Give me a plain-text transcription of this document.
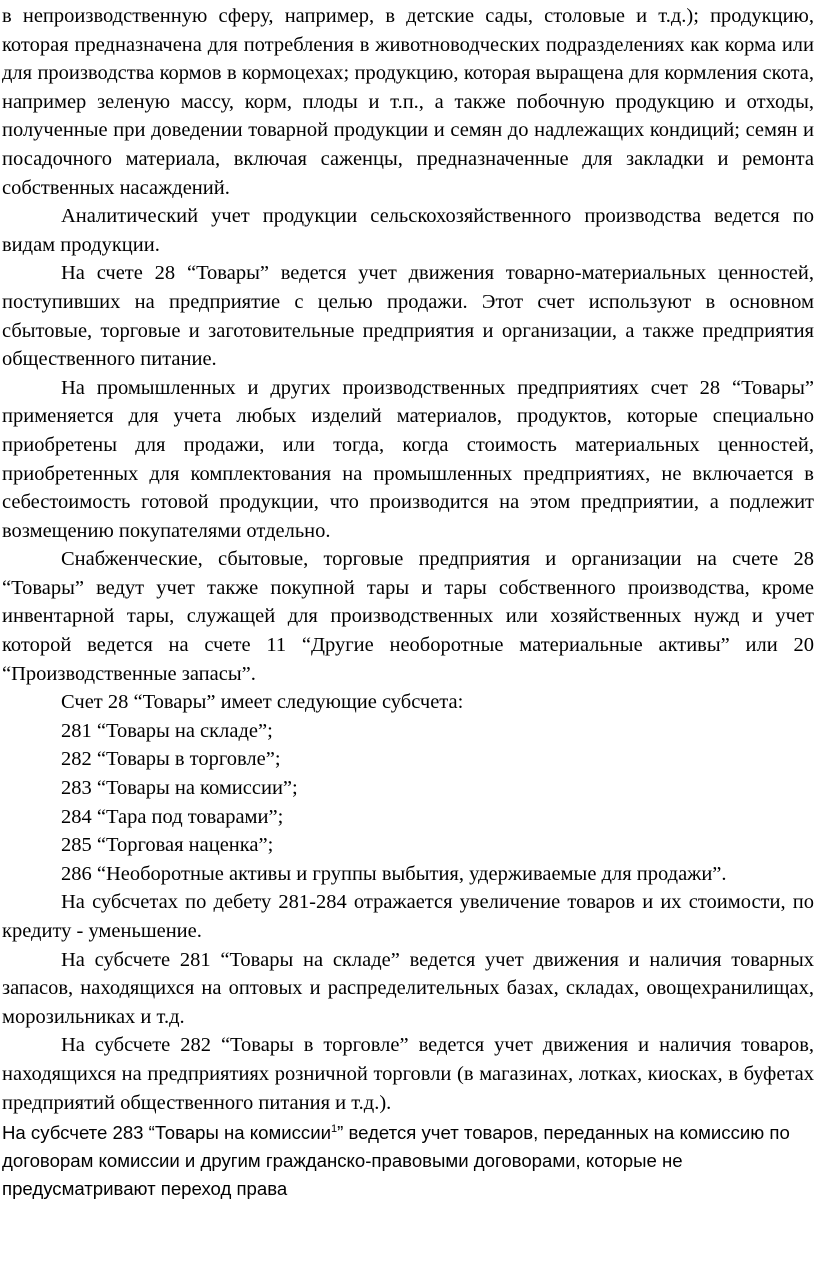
в непроизводственную сферу, например, в детские сады, столовые и т.д.); продукцию, которая предназначена для потребления в животноводческих подразделениях как корма или для производства кормов в кормоцехах; продукцию, которая выращена для кормления скота, например зеленую массу, корм, плоды и т.п., а также побочную продукцию и отходы, полученные при доведении товарной продукции и семян до надлежащих кондиций; семян и посадочного материала, включая саженцы, предназначенные для закладки и ремонта собственных насаждений.

Аналитический учет продукции сельскохозяйственного производства ведется по видам продукции.

На счете 28 “Товары” ведется учет движения товарно-материальных ценностей, поступивших на предприятие с целью продажи. Этот счет используют в основном сбытовые, торговые и заготовительные предприятия и организации, а также предприятия общественного питание.

На промышленных и других производственных предприятиях счет 28 “Товары” применяется для учета любых изделий материалов, продуктов, которые специально приобретены для продажи, или тогда, когда стоимость материальных ценностей, приобретенных для комплектования на промышленных предприятиях, не включается в себестоимость готовой продукции, что производится на этом предприятии, а подлежит возмещению покупателями отдельно.

Снабженческие, сбытовые, торговые предприятия и организации на счете 28 “Товары” ведут учет также покупной тары и тары собственного производства, кроме инвентарной тары, служащей для производственных или хозяйственных нужд и учет которой ведется на счете 11 “Другие необоротные материальные активы” или 20 “Производственные запасы”.

Счет 28 “Товары” имеет следующие субсчета:

281 “Товары на складе”;

282 “Товары в торговле”;

283 “Товары на комиссии”;

284 “Тара под товарами”;

285 “Торговая наценка”;

286 “Необоротные активы и группы выбытия, удерживаемые для продажи”.

На субсчетах по дебету 281-284 отражается увеличение товаров и их стоимости, по кредиту - уменьшение.

На субсчете 281 “Товары на складе” ведется учет движения и наличия товарных запасов, находящихся на оптовых и распределительных базах, складах, овощехранилищах, морозильниках и т.д.

На субсчете 282 “Товары в торговле” ведется учет движения и наличия товаров, находящихся на предприятиях розничной торговли (в магазинах, лотках, киосках, в буфетах предприятий общественного питания и т.д.).

На субсчете 283 “Товары на комиссии$^1$” ведется учет товаров, переданных на комиссию по договорам комиссии и другим гражданско-правовыми договорами, которые не предусматривают переход права
